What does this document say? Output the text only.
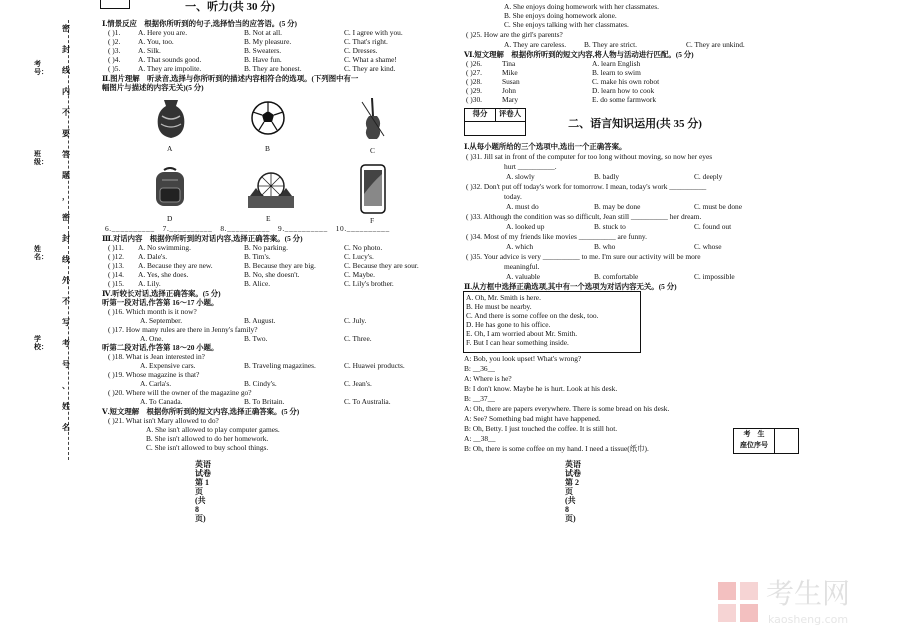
密
封
线
内
不
要
答
题
，
密
封
线
外
不
写
考
号
、
姓
名
考号：
班级：
姓名：
学校：
一、听力(共 30 分)
Ⅰ.情景反应　根据你所听到的句子,选择恰当的应答语。(5 分)
( )1. A. Here you are.	B. Not at all.	C. I agree with you.
( )2. A. You, too.	B. My pleasure.	C. That's right.
( )3. A. Silk.	B. Sweaters.	C. Dresses.
( )4. A. That sounds good.	B. Have fun.	C. What a shame!
( )5. A. They are impolite.	B. They are honest.	C. They are kind.
Ⅱ.图片理解　听录音,选择与你所听到的描述内容相符合的选项。(下列图中有一
幅图片与描述的内容无关)(5 分)
A	B	C
D	E	F
6.__________　7.__________　8.__________　9.__________　10.__________
Ⅲ.对话内容　根据你所听到的对话内容,选择正确答案。(5 分)
( )11. A. No swimming.	B. No parking.	C. No photo.
( )12. A. Dale's.	B. Tim's.	C. Lucy's.
( )13. A. Because they are new.	B. Because they are big.	C. Because they are sour.
( )14. A. Yes, she does.	B. No, she doesn't.	C. Maybe.
( )15. A. Lily.	B. Alice.	C. Lily's brother.
Ⅳ.听较长对话,选择正确答案。(5 分)
听第一段对话,作答第 16～17 小题。
( )16. Which month is it now?
A. September.	B. August.	C. July.
( )17. How many rules are there in Jenny's family?
A. One.	B. Two.	C. Three.
听第二段对话,作答第 18～20 小题。
( )18. What is Jean interested in?
A. Expensive cars.	B. Traveling magazines.	C. Huawei products.
( )19. Whose magazine is that?
A. Carla's.	B. Cindy's.	C. Jean's.
( )20. Where will the owner of the magazine go?
A. To Canada.	B. To Britain.	C. To Australia.
Ⅴ.短文理解　根据你所听到的短文内容,选择正确答案。(5 分)
( )21. What isn't Mary allowed to do?
A. She isn't allowed to play computer games.
B. She isn't allowed to do her homework.
C. She isn't allowed to buy school things.
英语试卷　第 1 页　(共 8 页)
A. She enjoys doing homework with her classmates.
B. She enjoys doing homework alone.
C. She enjoys talking with her classmates.
( )25. How are the girl's parents?
A. They are careless. B. They are strict.	C. They are unkind.
Ⅵ.短文理解　根据你所听到的短文内容,将人物与活动进行匹配。(5 分)
( )26.	Tina	A. learn English
( )27.	Mike	B. learn to swim
( )28.	Susan	C. make his own robot
( )29.	John	D. learn how to cook
( )30.	Mary	E. do some farmwork
得分	评卷人
二、语言知识运用(共 35 分)
Ⅰ.从每小题所给的三个选项中,选出一个正确答案。
( )31. Jill sat in front of the computer for too long without moving, so now her eyes
hurt __________.
A. slowly	B. badly	C. deeply
( )32. Don't put off today's work for tomorrow. I mean, today's work __________
today.
A. must do	B. may be done	C. must be done
( )33. Although the condition was so difficult, Jean still __________ her dream.
A. looked up	B. stuck to	C. found out
( )34. Most of my friends like movies __________ are funny.
A. which	B. who	C. whose
( )35. Your advice is very __________ to me. I'm sure our activity will be more
meaningful.
A. valuable	B. comfortable	C. impossible
Ⅱ.从方框中选择正确选项,其中有一个选项为对话内容无关。(5 分)
A. Oh, Mr. Smith is here.
B. He must be nearby.
C. And there is some coffee on the desk, too.
D. He has gone to his office.
E. Oh, I am worried about Mr. Smith.
F. But I can hear something inside.
A: Bob, you look upset! What's wrong?
B: __36__
A: Where is he?
B: I don't know. Maybe he is hurt. Look at his desk.
B: __37__
A: Oh, there are papers everywhere. There is some bread on his desk.
A: See? Something bad might have happened.
B: Oh, Betty. I just touched the coffee. It is still hot.
A: __38__
B: Oh, there is some coffee on my hand. I need a tissue(纸巾).
考　生
座位序号
英语试卷　第 2 页　(共 8 页)
考生网
kaosheng.com
